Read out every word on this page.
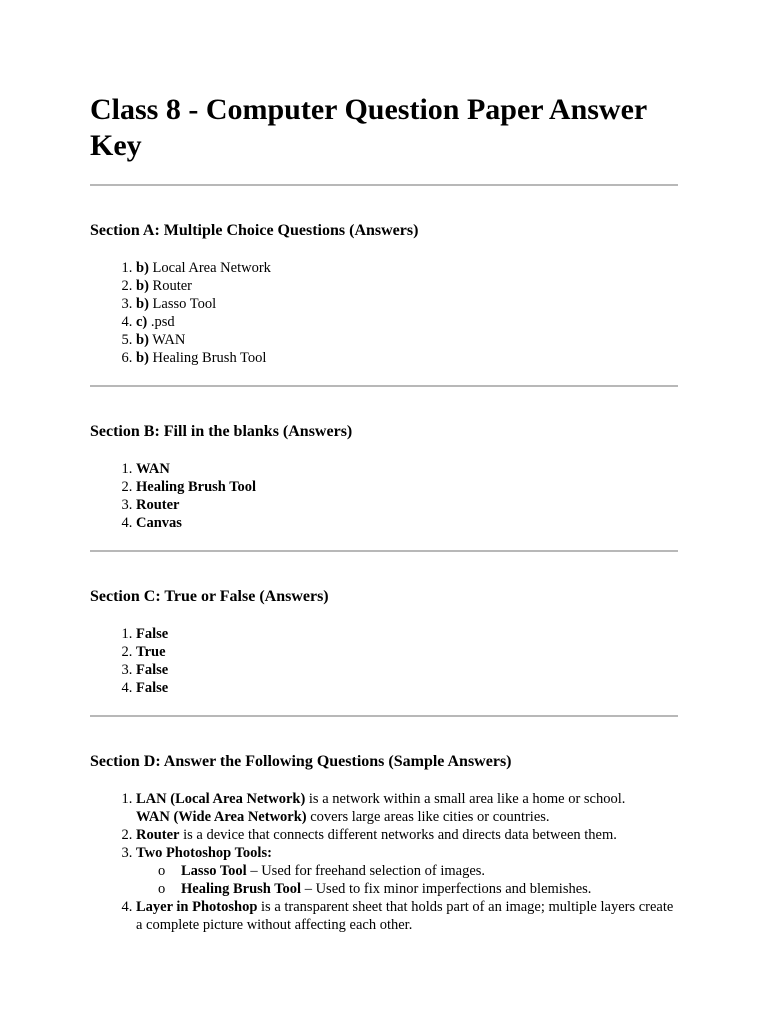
Class 8 - Computer Question Paper Answer Key
Section A: Multiple Choice Questions (Answers)
1. b) Local Area Network
2. b) Router
3. b) Lasso Tool
4. c) .psd
5. b) WAN
6. b) Healing Brush Tool
Section B: Fill in the blanks (Answers)
1. WAN
2. Healing Brush Tool
3. Router
4. Canvas
Section C: True or False (Answers)
1. False
2. True
3. False
4. False
Section D: Answer the Following Questions (Sample Answers)
1. LAN (Local Area Network) is a network within a small area like a home or school.
WAN (Wide Area Network) covers large areas like cities or countries.
2. Router is a device that connects different networks and directs data between them.
3. Two Photoshop Tools:
o Lasso Tool – Used for freehand selection of images.
o Healing Brush Tool – Used to fix minor imperfections and blemishes.
4. Layer in Photoshop is a transparent sheet that holds part of an image; multiple layers create a complete picture without affecting each other.
